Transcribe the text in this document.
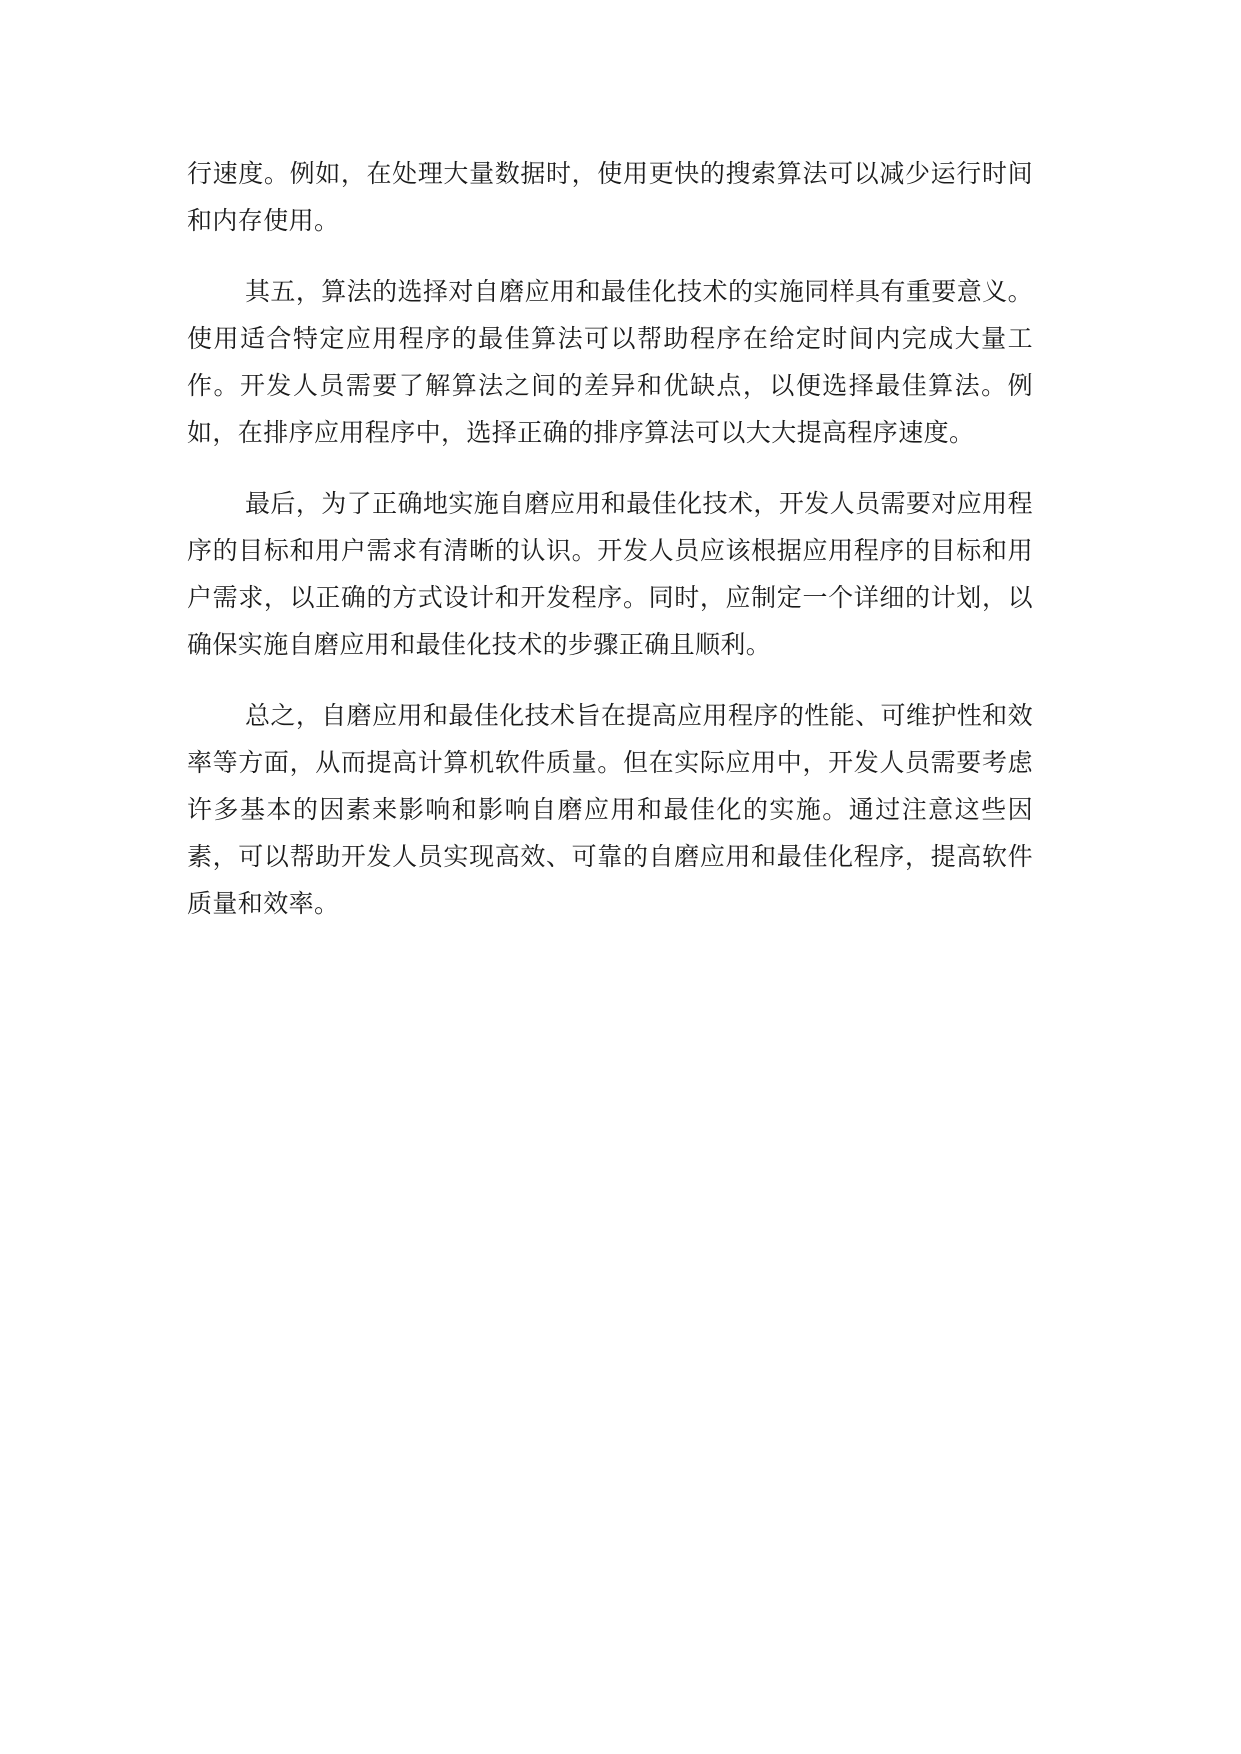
行速度。例如，在处理大量数据时，使用更快的搜索算法可以减少运行时间和内存使用。

其五，算法的选择对自磨应用和最佳化技术的实施同样具有重要意义。使用适合特定应用程序的最佳算法可以帮助程序在给定时间内完成大量工作。开发人员需要了解算法之间的差异和优缺点，以便选择最佳算法。例如，在排序应用程序中，选择正确的排序算法可以大大提高程序速度。

最后，为了正确地实施自磨应用和最佳化技术，开发人员需要对应用程序的目标和用户需求有清晰的认识。开发人员应该根据应用程序的目标和用户需求，以正确的方式设计和开发程序。同时，应制定一个详细的计划，以确保实施自磨应用和最佳化技术的步骤正确且顺利。

总之，自磨应用和最佳化技术旨在提高应用程序的性能、可维护性和效率等方面，从而提高计算机软件质量。但在实际应用中，开发人员需要考虑许多基本的因素来影响和影响自磨应用和最佳化的实施。通过注意这些因素，可以帮助开发人员实现高效、可靠的自磨应用和最佳化程序，提高软件质量和效率。
